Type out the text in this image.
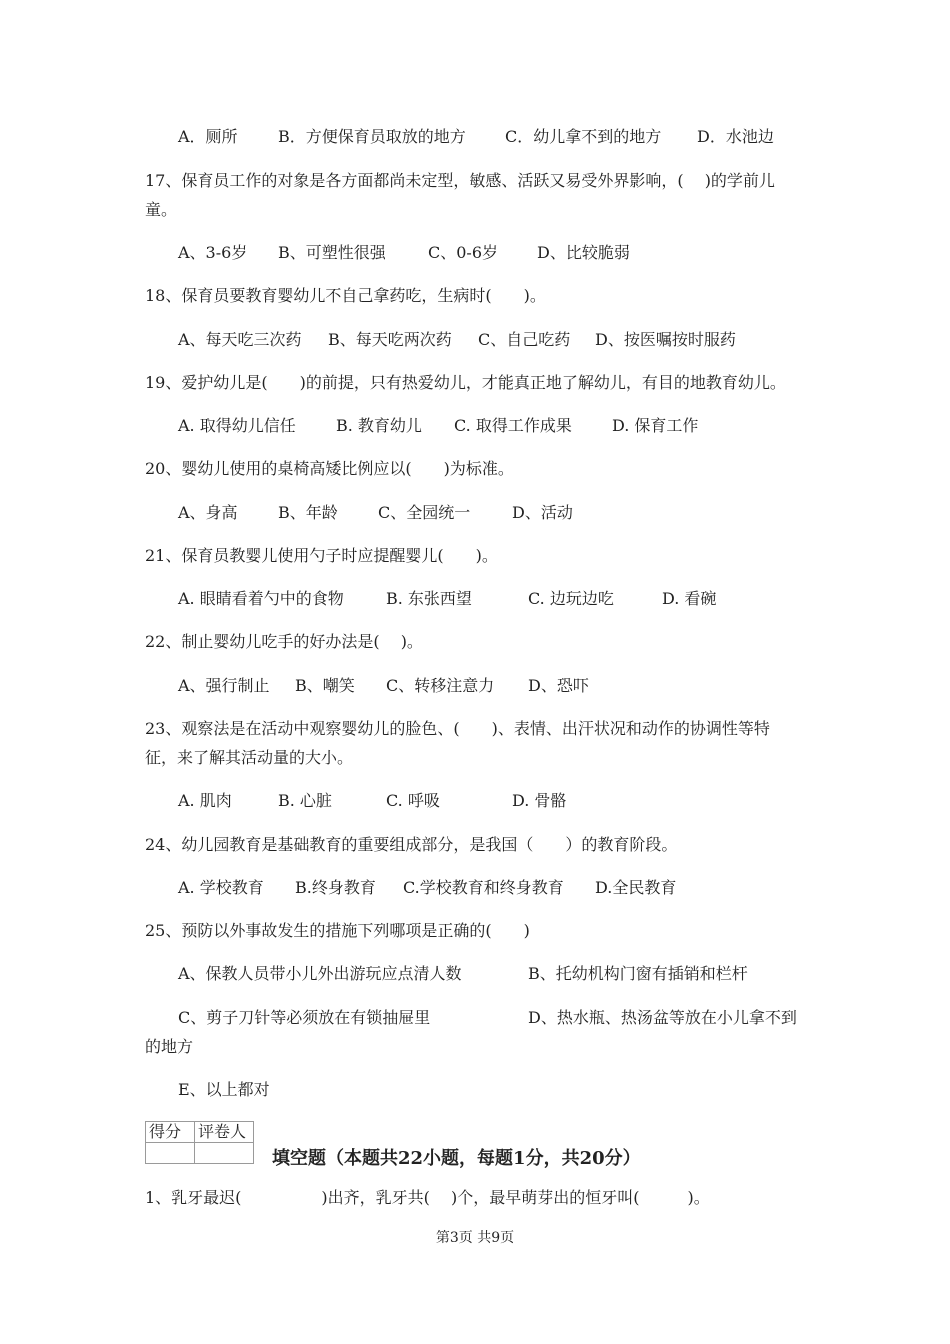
A．厕所	B．方便保育员取放的地方 C．幼儿拿不到的地方 D．水池边
17、保育员工作的对象是各方面都尚未定型，敏感、活跃又易受外界影响，(　 )的学前儿
童。
A、3-6岁 B、可塑性很强	C、0-6岁 D、比较脆弱
18、保育员要教育婴幼儿不自己拿药吃，生病时(　　)。
A、每天吃三次药 B、每天吃两次药 C、自己吃药 D、按医嘱按时服药
19、爱护幼儿是(　　)的前提，只有热爱幼儿，才能真正地了解幼儿，有目的地教育幼儿。
A. 取得幼儿信任	B. 教育幼儿 C. 取得工作成果	D. 保育工作
20、婴幼儿使用的桌椅高矮比例应以(　　)为标准。
A、身高	B、年龄	C、全园统一	D、活动
21、保育员教婴儿使用勺子时应提醒婴儿(　　)。
A. 眼睛看着勺中的食物	B. 东张西望	C. 边玩边吃	D. 看碗
22、制止婴幼儿吃手的好办法是(　 )。
A、强行制止 B、嘲笑 C、转移注意力 D、恐吓
23、观察法是在活动中观察婴幼儿的脸色、(　　)、表情、出汗状况和动作的协调性等特
征，来了解其活动量的大小。
A. 肌肉	B. 心脏	C. 呼吸	D. 骨骼
24、幼儿园教育是基础教育的重要组成部分，是我国（　　）的教育阶段。
A. 学校教育 B.终身教育 C.学校教育和终身教育 D.全民教育
25、预防以外事故发生的措施下列哪项是正确的(　　)
A、保教人员带小儿外出游玩应点清人数	B、托幼机构门窗有插销和栏杆
C、剪子刀针等必须放在有锁抽屉里	D、热水瓶、热汤盆等放在小儿拿不到
的地方
E、以上都对
得分	评卷人

填空题（本题共22小题，每题1分，共20分）
1、乳牙最迟(　　　　　)出齐，乳牙共(　 )个，最早萌芽出的恒牙叫(　　　)。
第3页 共9页
